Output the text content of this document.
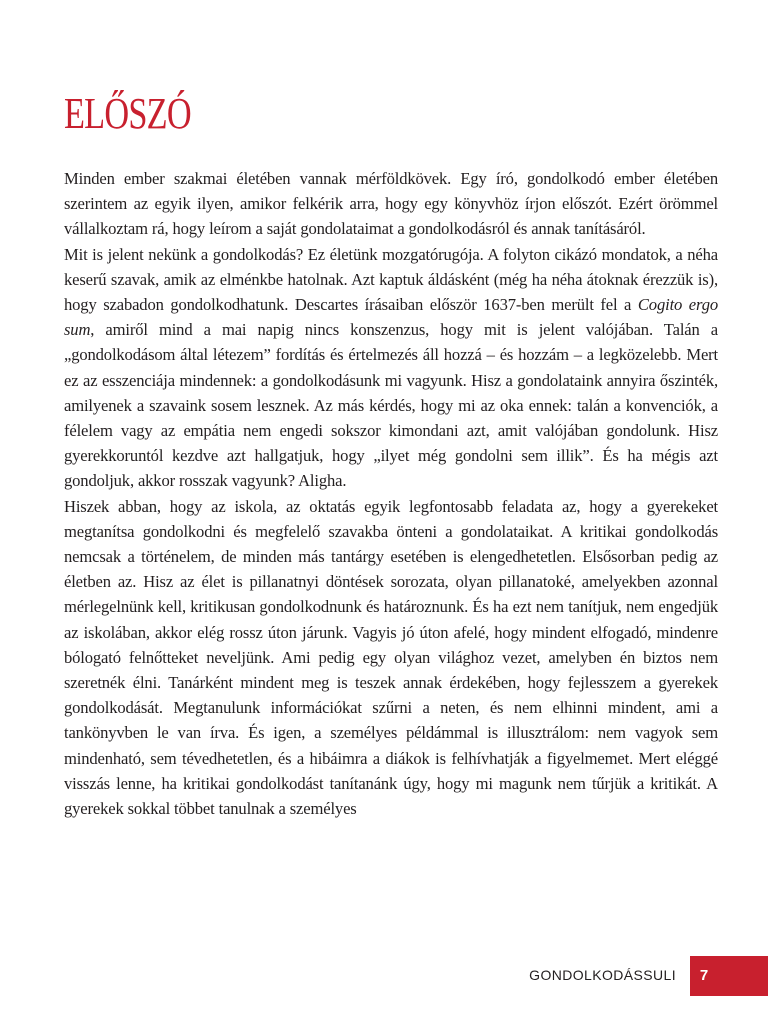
ELŐSZÓ

Minden ember szakmai életében vannak mérföldkövek. Egy író, gondolkodó ember életében szerintem az egyik ilyen, amikor felkérik arra, hogy egy könyvhöz írjon előszót. Ezért örömmel vállalkoztam rá, hogy leírom a saját gondolataimat a gondolkodásról és annak tanításáról.

Mit is jelent nekünk a gondolkodás? Ez életünk mozgatórugója. A folyton cikázó mondatok, a néha keserű szavak, amik az elménkbe hatolnak. Azt kaptuk áldásként (még ha néha átoknak érezzük is), hogy szabadon gondolkodhatunk. Descartes írásaiban először 1637-ben merült fel a Cogito ergo sum, amiről mind a mai napig nincs konszenzus, hogy mit is jelent valójában. Talán a „gondolkodásom által létezem” fordítás és értelmezés áll hozzá – és hozzám – a legközelebb. Mert ez az esszenciája mindennek: a gondolkodásunk mi vagyunk. Hisz a gondolataink annyira őszinték, amilyenek a szavaink sosem lesznek. Az más kérdés, hogy mi az oka ennek: talán a konvenciók, a félelem vagy az empátia nem engedi sokszor kimondani azt, amit valójában gondolunk. Hisz gyerekkoruntól kezdve azt hallgatjuk, hogy „ilyet még gondolni sem illik”. És ha mégis azt gondoljuk, akkor rosszak vagyunk? Aligha.

Hiszek abban, hogy az iskola, az oktatás egyik legfontosabb feladata az, hogy a gyerekeket megtanítsa gondolkodni és megfelelő szavakba önteni a gondolataikat. A kritikai gondolkodás nemcsak a történelem, de minden más tantárgy esetében is elengedhetetlen. Elsősorban pedig az életben az. Hisz az élet is pillanatnyi döntések sorozata, olyan pillanatoké, amelyekben azonnal mérlegelnünk kell, kritikusan gondolkodnunk és határoznunk. És ha ezt nem tanítjuk, nem engedjük az iskolában, akkor elég rossz úton járunk. Vagyis jó úton afelé, hogy mindent elfogadó, mindenre bólogató felnőtteket neveljünk. Ami pedig egy olyan világhoz vezet, amelyben én biztos nem szeretnék élni. Tanárként mindent meg is teszek annak érdekében, hogy fejlesszem a gyerekek gondolkodását. Megtanulunk információkat szűrni a neten, és nem elhinni mindent, ami a tankönyvben le van írva. És igen, a személyes példámmal is illusztrálom: nem vagyok sem mindenható, sem tévedhetetlen, és a hibáimra a diákok is felhívhatják a figyelmemet. Mert eléggé visszás lenne, ha kritikai gondolkodást tanítanánk úgy, hogy mi magunk nem tűrjük a kritikát. A gyerekek sokkal többet tanulnak a személyes

GONDOLKODÁSSULI	7
